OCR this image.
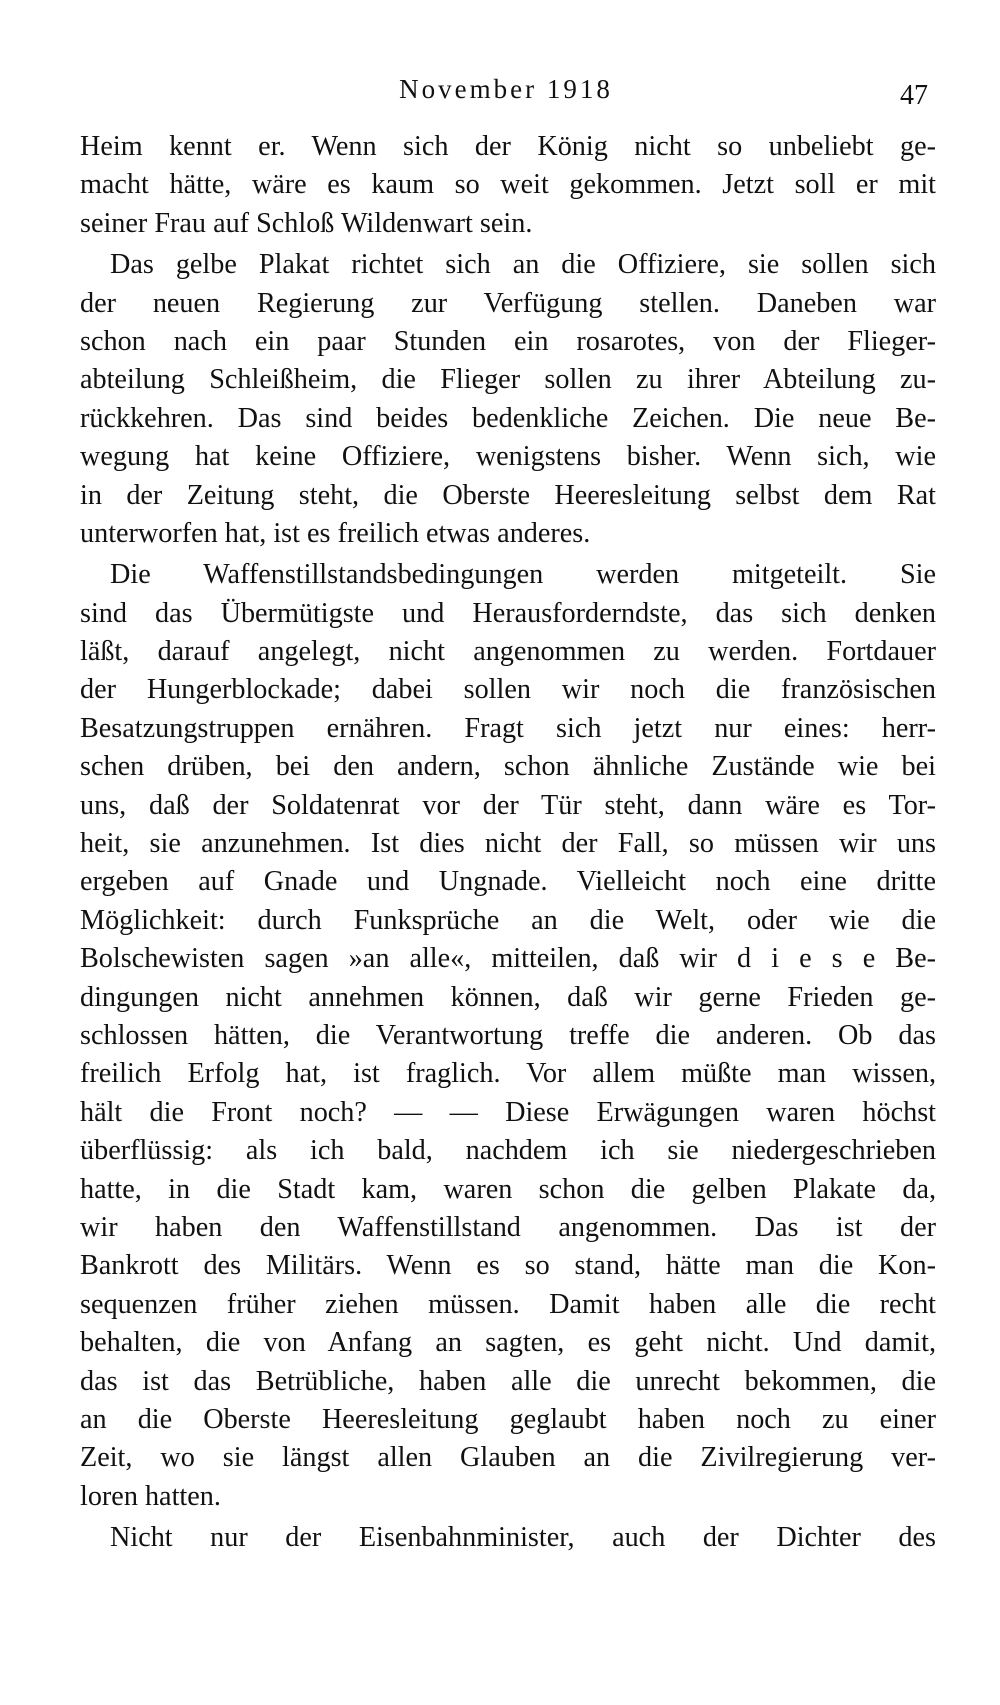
November 1918	47
Heim kennt er. Wenn sich der König nicht so unbeliebt ge-
macht hätte, wäre es kaum so weit gekommen. Jetzt soll er mit
seiner Frau auf Schloß Wildenwart sein.
Das gelbe Plakat richtet sich an die Offiziere, sie sollen sich
der neuen Regierung zur Verfügung stellen. Daneben war
schon nach ein paar Stunden ein rosarotes, von der Flieger-
abteilung Schleißheim, die Flieger sollen zu ihrer Abteilung zu-
rückkehren. Das sind beides bedenkliche Zeichen. Die neue Be-
wegung hat keine Offiziere, wenigstens bisher. Wenn sich, wie
in der Zeitung steht, die Oberste Heeresleitung selbst dem Rat
unterworfen hat, ist es freilich etwas anderes.
Die Waffenstillstandsbedingungen werden mitgeteilt. Sie
sind das Übermütigste und Herausforderndste, das sich denken
läßt, darauf angelegt, nicht angenommen zu werden. Fortdauer
der Hungerblockade; dabei sollen wir noch die französischen
Besatzungstruppen ernähren. Fragt sich jetzt nur eines: herr-
schen drüben, bei den andern, schon ähnliche Zustände wie bei
uns, daß der Soldatenrat vor der Tür steht, dann wäre es Tor-
heit, sie anzunehmen. Ist dies nicht der Fall, so müssen wir uns
ergeben auf Gnade und Ungnade. Vielleicht noch eine dritte
Möglichkeit: durch Funksprüche an die Welt, oder wie die
Bolschewisten sagen »an alle«, mitteilen, daß wir d i e s e Be-
dingungen nicht annehmen können, daß wir gerne Frieden ge-
schlossen hätten, die Verantwortung treffe die anderen. Ob das
freilich Erfolg hat, ist fraglich. Vor allem müßte man wissen,
hält die Front noch? — — Diese Erwägungen waren höchst
überflüssig: als ich bald, nachdem ich sie niedergeschrieben
hatte, in die Stadt kam, waren schon die gelben Plakate da,
wir haben den Waffenstillstand angenommen. Das ist der
Bankrott des Militärs. Wenn es so stand, hätte man die Kon-
sequenzen früher ziehen müssen. Damit haben alle die recht
behalten, die von Anfang an sagten, es geht nicht. Und damit,
das ist das Betrübliche, haben alle die unrecht bekommen, die
an die Oberste Heeresleitung geglaubt haben noch zu einer
Zeit, wo sie längst allen Glauben an die Zivilregierung ver-
loren hatten.
Nicht nur der Eisenbahnminister, auch der Dichter des
